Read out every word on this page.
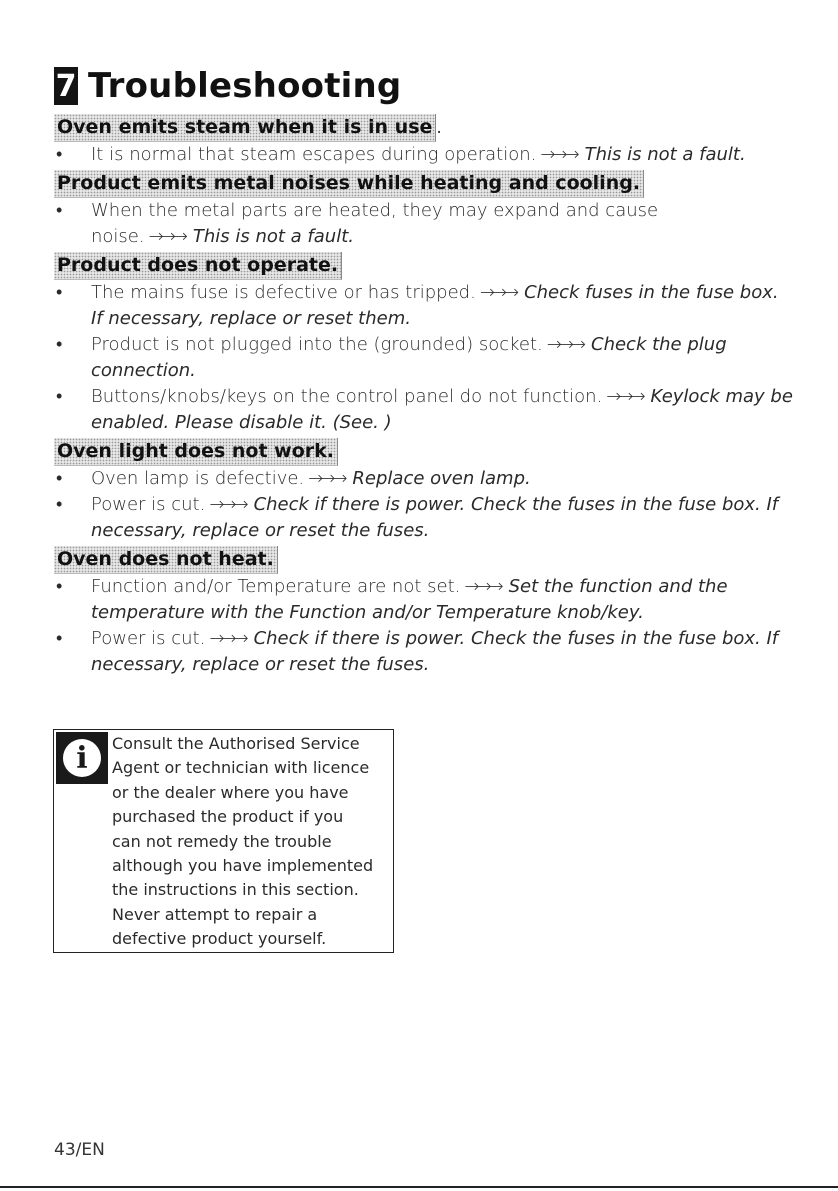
7 Troubleshooting
Oven emits steam when it is in use .
• It is normal that steam escapes during operation. →→→ This is not a fault.
Product emits metal noises while heating and cooling.
• When the metal parts are heated, they may expand and cause noise. →→→ This is not a fault.
Product does not operate.
• The mains fuse is defective or has tripped. →→→ Check fuses in the fuse box. If necessary, replace or reset them.
• Product is not plugged into the (grounded) socket. →→→ Check the plug connection.
• Buttons/knobs/keys on the control panel do not function. →→→ Keylock may be enabled. Please disable it. (See. )
Oven light does not work.
• Oven lamp is defective. →→→ Replace oven lamp.
• Power is cut. →→→ Check if there is power. Check the fuses in the fuse box. If necessary, replace or reset the fuses.
Oven does not heat.
• Function and/or Temperature are not set. →→→ Set the function and the temperature with the Function and/or Temperature knob/key.
• Power is cut. →→→ Check if there is power. Check the fuses in the fuse box. If necessary, replace or reset the fuses.
i	Consult the Authorised Service
Agent or technician with licence
or the dealer where you have
purchased the product if you
can not remedy the trouble
although you have implemented
the instructions in this section.
Never attempt to repair a
defective product yourself.
43/EN
